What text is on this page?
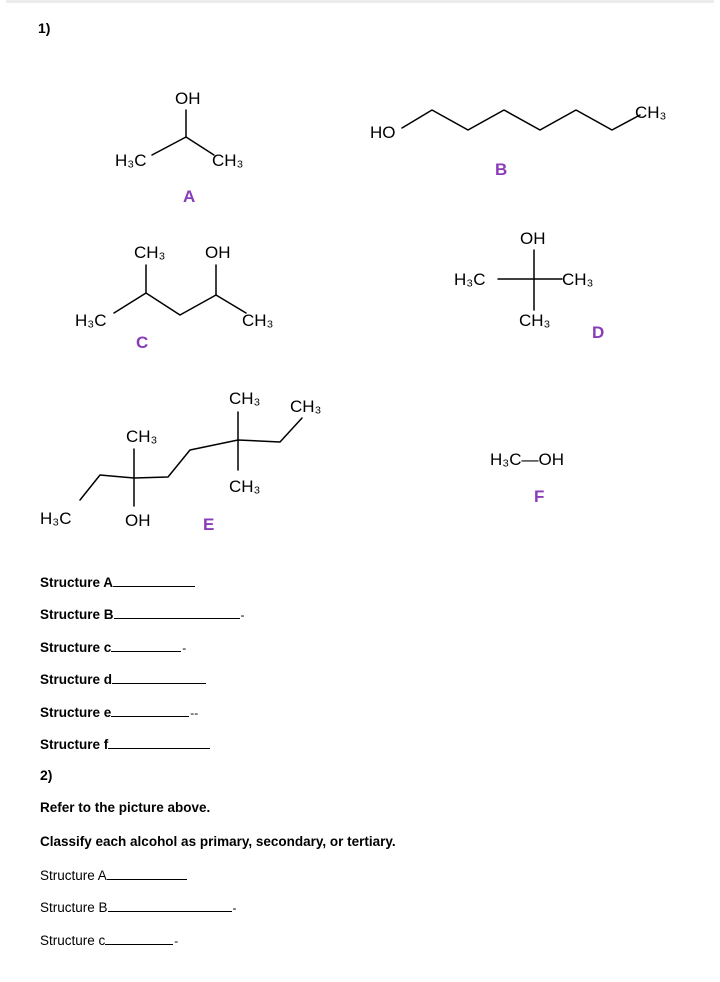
1)
OH
H₃C	CH₃
A
HO
CH₃
B
CH₃ OH
H₃C	CH₃
C
OH
H₃C	CH₃
CH₃
D
CH₃ CH₃
CH₃
CH₃
H₃C	OH	E
H₃C—OH
F
Structure A
Structure B	-
Structure c	-
Structure d
Structure e	--
Structure f
2)
Refer to the picture above.
Classify each alcohol as primary, secondary, or tertiary.
Structure A
Structure B	-
Structure c	-
